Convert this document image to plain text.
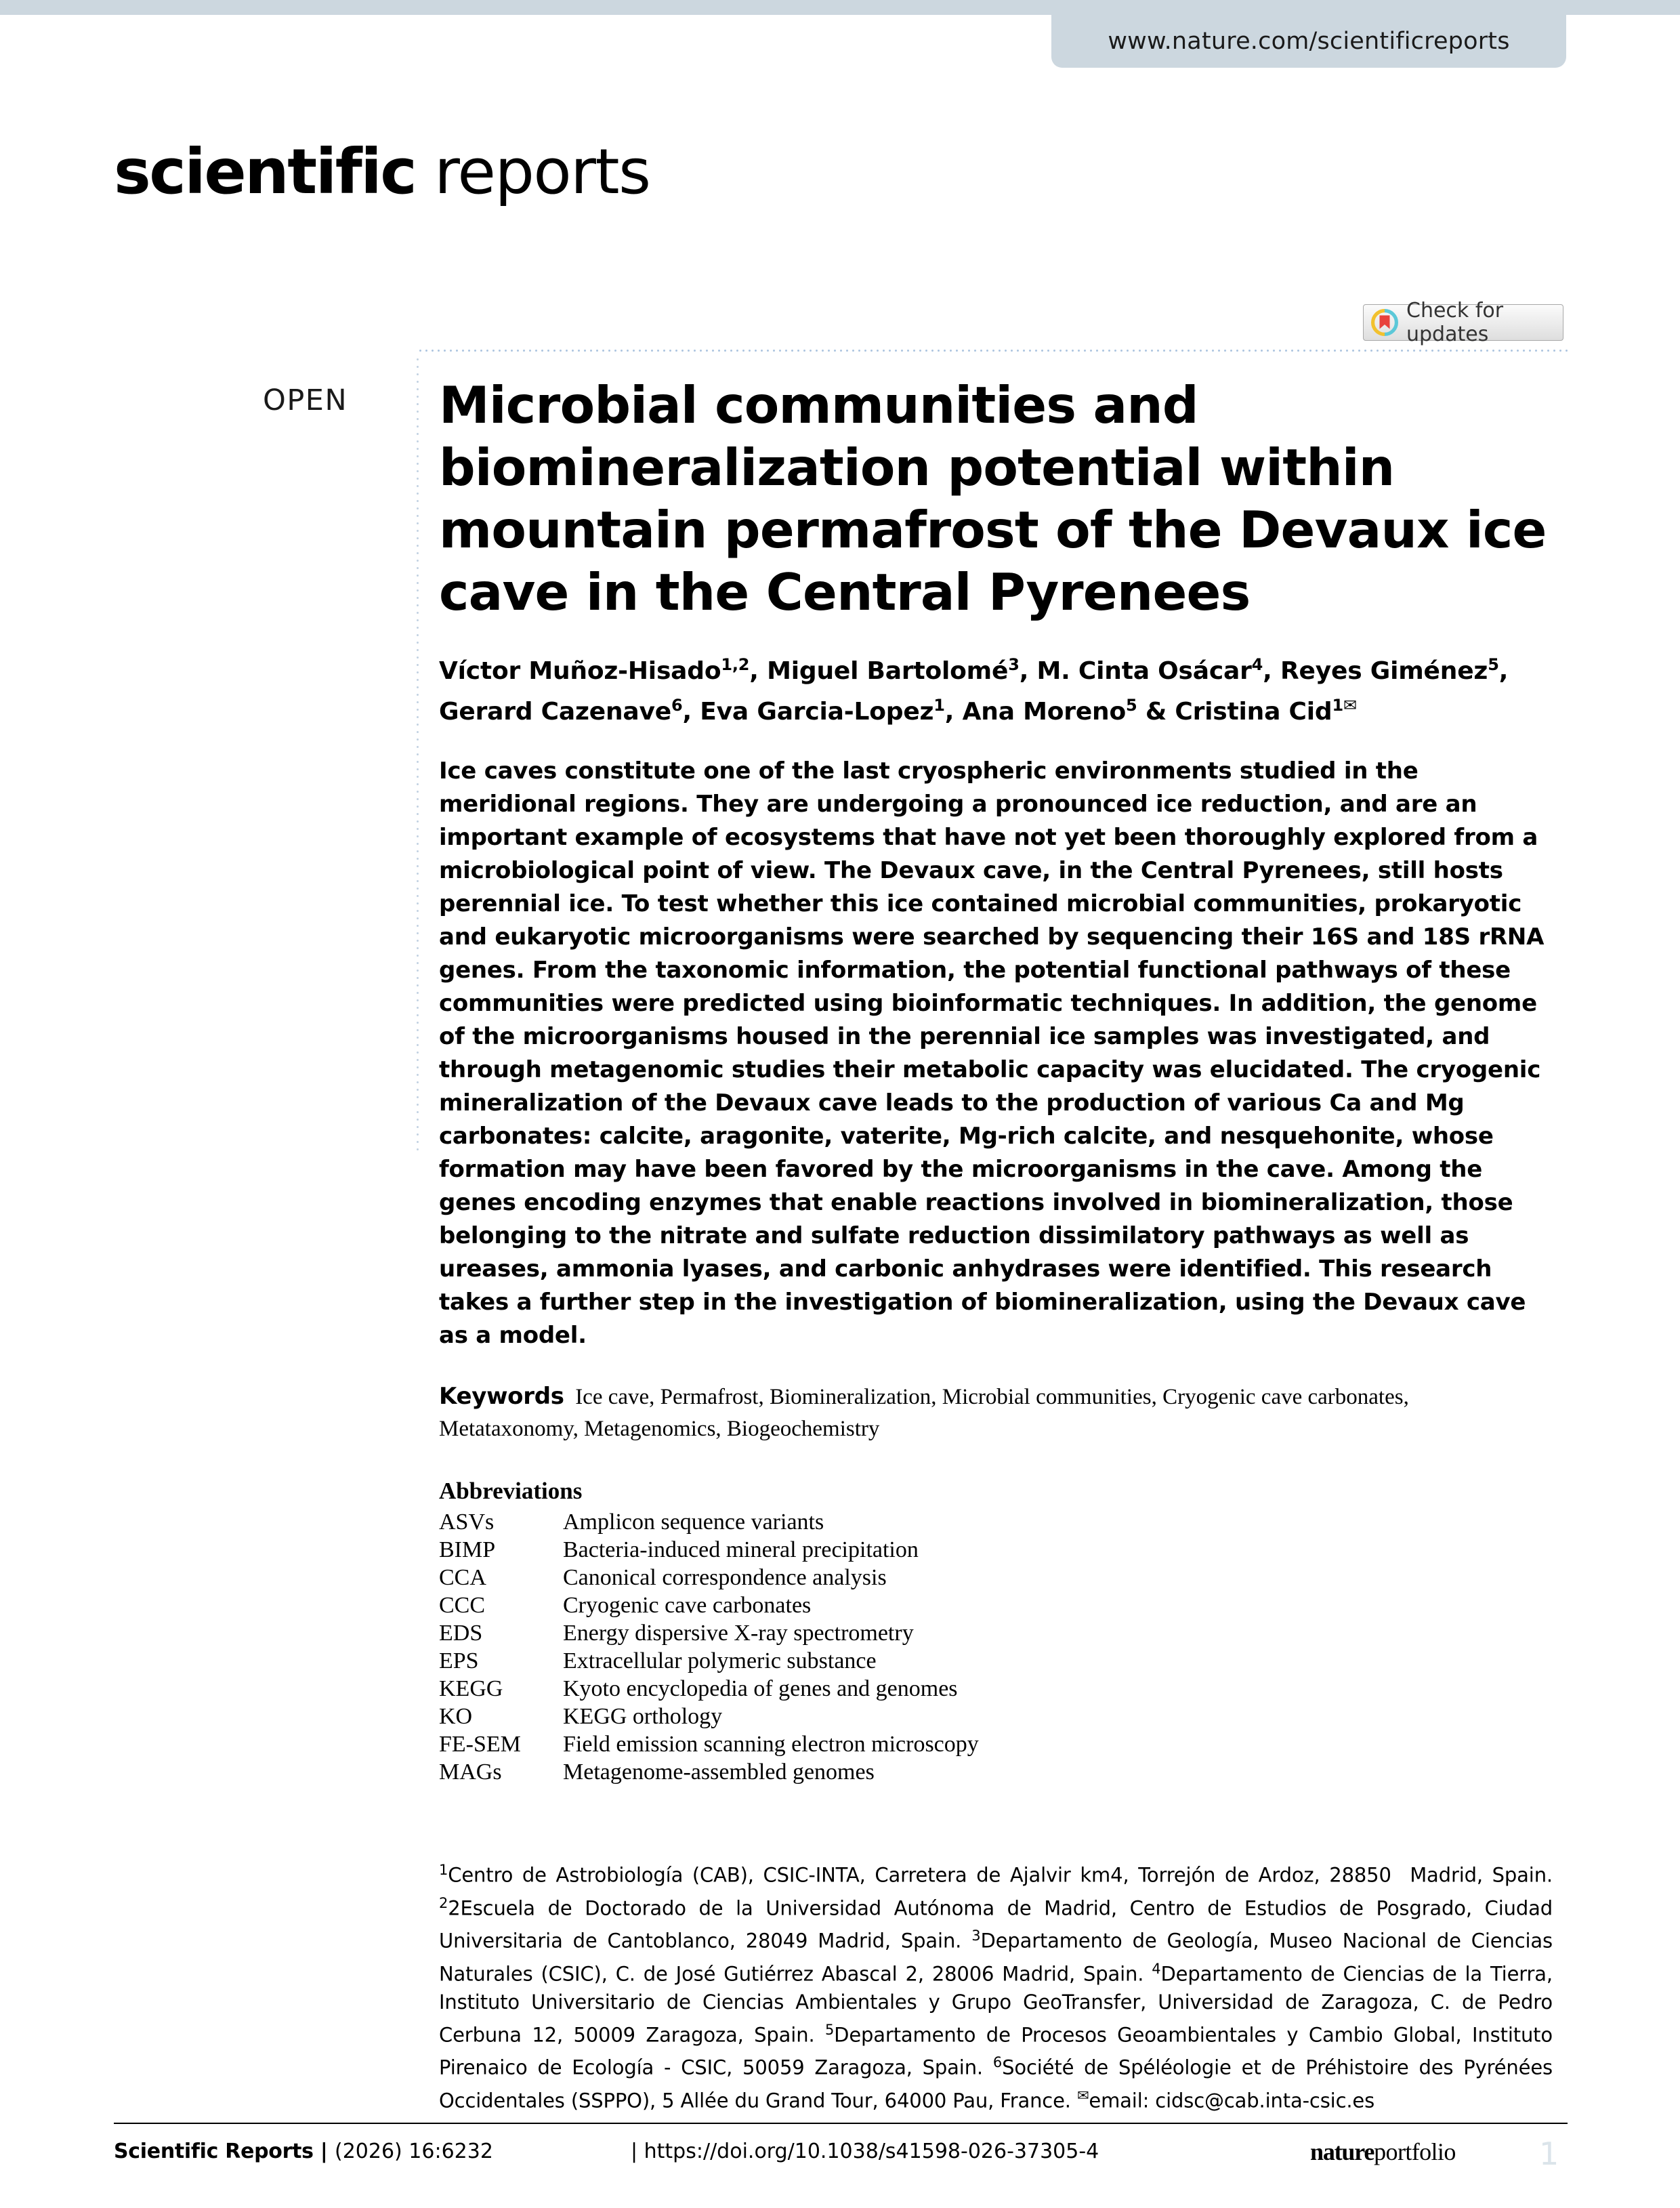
www.nature.com/scientificreports
scientific reports
Check for updates
OPEN Microbial communities and biomineralization potential within mountain permafrost of the Devaux ice cave in the Central Pyrenees
Víctor Muñoz-Hisado$^{1,2}$, Miguel Bartolomé$^3$, M. Cinta Osácar$^4$, Reyes Giménez$^5$, Gerard Cazenave$^6$, Eva Garcia-Lopez$^1$, Ana Moreno$^5$ & Cristina Cid$^{1✉}$
Ice caves constitute one of the last cryospheric environments studied in the meridional regions. They are undergoing a pronounced ice reduction, and are an important example of ecosystems that have not yet been thoroughly explored from a microbiological point of view. The Devaux cave, in the Central Pyrenees, still hosts perennial ice. To test whether this ice contained microbial communities, prokaryotic and eukaryotic microorganisms were searched by sequencing their 16S and 18S rRNA genes. From the taxonomic information, the potential functional pathways of these communities were predicted using bioinformatic techniques. In addition, the genome of the microorganisms housed in the perennial ice samples was investigated, and through metagenomic studies their metabolic capacity was elucidated. The cryogenic mineralization of the Devaux cave leads to the production of various Ca and Mg carbonates: calcite, aragonite, vaterite, Mg-rich calcite, and nesquehonite, whose formation may have been favored by the microorganisms in the cave. Among the genes encoding enzymes that enable reactions involved in biomineralization, those belonging to the nitrate and sulfate reduction dissimilatory pathways as well as ureases, ammonia lyases, and carbonic anhydrases were identified. This research takes a further step in the investigation of biomineralization, using the Devaux cave as a model.
Keywords Ice cave, Permafrost, Biomineralization, Microbial communities, Cryogenic cave carbonates, Metataxonomy, Metagenomics, Biogeochemistry
Abbreviations
ASVs	Amplicon sequence variants
BIMP	Bacteria-induced mineral precipitation
CCA	Canonical correspondence analysis
CCC	Cryogenic cave carbonates
EDS	Energy dispersive X-ray spectrometry
EPS	Extracellular polymeric substance
KEGG	Kyoto encyclopedia of genes and genomes
KO	KEGG orthology
FE-SEM	Field emission scanning electron microscopy
MAGs	Metagenome-assembled genomes
$^1$Centro de Astrobiología (CAB), CSIC-INTA, Carretera de Ajalvir km4, Torrejón de Ardoz, 28850  Madrid, Spain. $^2$2Escuela de Doctorado de la Universidad Autónoma de Madrid, Centro de Estudios de Posgrado, Ciudad Universitaria de Cantoblanco, 28049 Madrid, Spain. $^3$Departamento de Geología, Museo Nacional de Ciencias Naturales (CSIC), C. de José Gutiérrez Abascal 2, 28006 Madrid, Spain. $^4$Departamento de Ciencias de la Tierra, Instituto Universitario de Ciencias Ambientales y Grupo GeoTransfer, Universidad de Zaragoza, C. de Pedro Cerbuna 12, 50009 Zaragoza, Spain. $^5$Departamento de Procesos Geoambientales y Cambio Global, Instituto Pirenaico de Ecología - CSIC, 50059 Zaragoza, Spain. $^6$Société de Spéléologie et de Préhistoire des Pyrénées Occidentales (SSPPO), 5 Allée du Grand Tour, 64000 Pau, France. ✉email: cidsc@cab.inta-csic.es
Scientific Reports | (2026) 16:6232	| https://doi.org/10.1038/s41598-026-37305-4	natureportfolio	1
